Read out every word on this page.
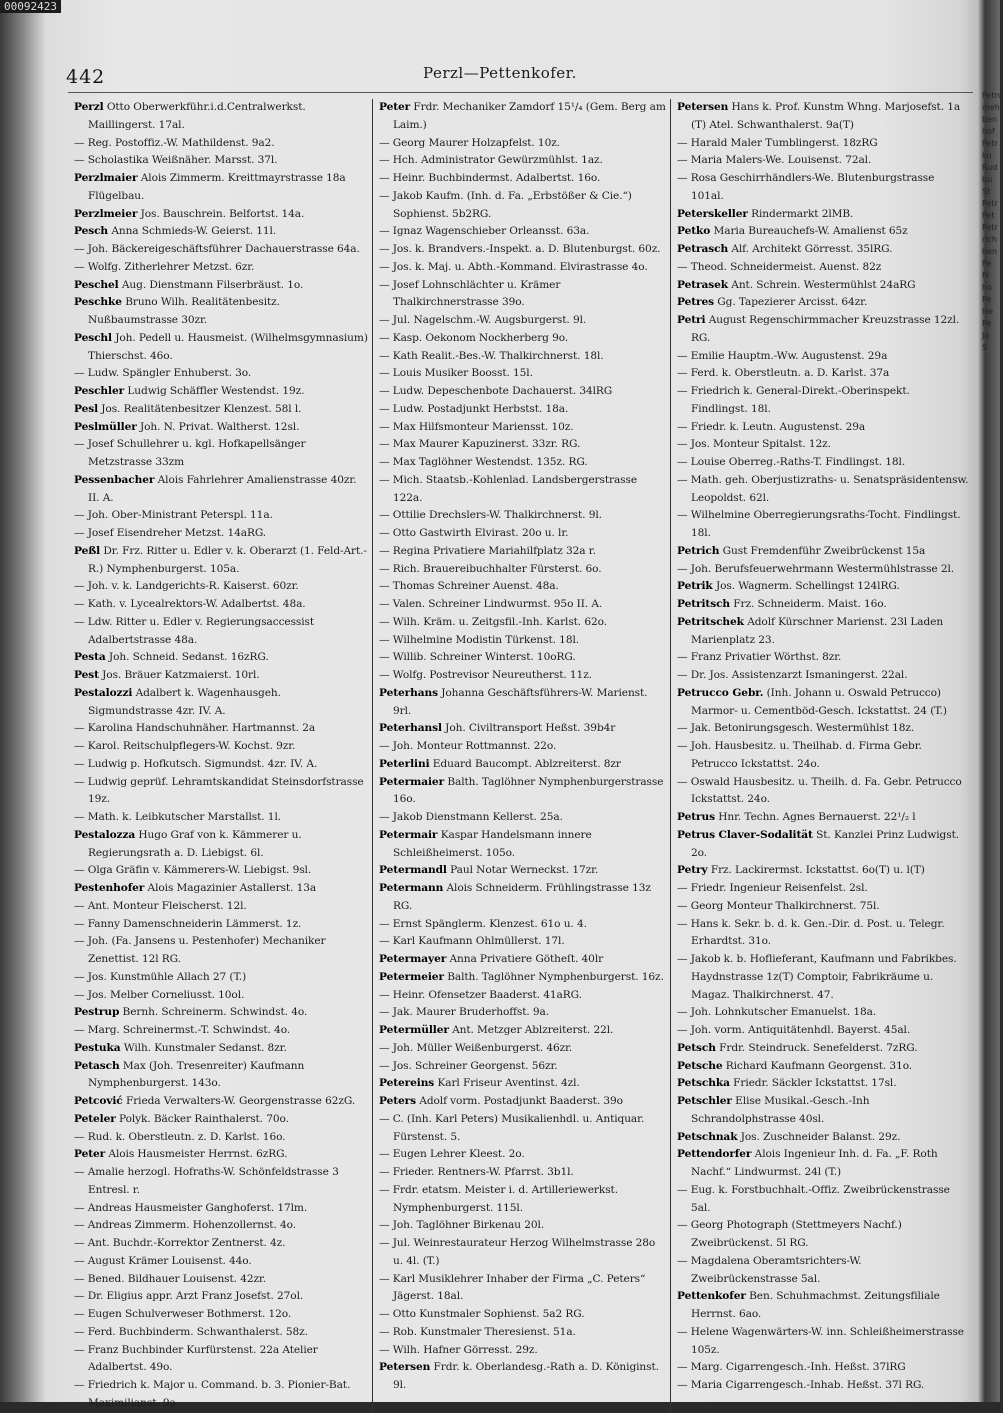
00092423
442	Perzl—Pettenkofer.
Perzl Otto Oberwerkführ.i.d.Centralwerkst. Maillingerst. 17al.
— Reg. Postoffiz.-W. Mathildenst. 9a2.
— Scholastika Weißnäher. Marsst. 37l.
Perzlmaier Alois Zimmerm. Kreittmayrstrasse 18a Flügelbau.
Perzlmeier Jos. Bauschrein. Belfortst. 14a.
Pesch Anna Schmieds-W. Geierst. 11l.
— Joh. Bäckereigeschäftsführer Dachauerstrasse 64a.
— Wolfg. Zitherlehrer Metzst. 6zr.
Peschel Aug. Dienstmann Filserbräust. 1o.
Peschke Bruno Wilh. Realitätenbesitz. Nußbaumstrasse 30zr.
Peschl Joh. Pedell u. Hausmeist. (Wilhelmsgymnasium) Thierschst. 46o.
— Ludw. Spängler Enhuberst. 3o.
Peschler Ludwig Schäffler Westendst. 19z.
Pesl Jos. Realitätenbesitzer Klenzest. 58l l.
Peslmüller Joh. N. Privat. Waltherst. 12sl.
— Josef Schullehrer u. kgl. Hofkapellsänger Metzstrasse 33zm
Pessenbacher Alois Fahrlehrer Amalienstrasse 40zr. II. A.
— Joh. Ober-Ministrant Peterspl. 11a.
— Josef Eisendreher Metzst. 14aRG.
Peßl Dr. Frz. Ritter u. Edler v. k. Oberarzt (1. Feld-Art.-R.) Nymphenburgerst. 105a.
— Joh. v. k. Landgerichts-R. Kaiserst. 60zr.
— Kath. v. Lycealrektors-W. Adalbertst. 48a.
— Ldw. Ritter u. Edler v. Regierungsaccessist Adalbertstrasse 48a.
Pesta Joh. Schneid. Sedanst. 16zRG.
Pest Jos. Bräuer Katzmaierst. 10rl.
Pestalozzi Adalbert k. Wagenhausgeh. Sigmundstrasse 4zr. IV. A.
— Karolina Handschuhnäher. Hartmannst. 2a
— Karol. Reitschulpflegers-W. Kochst. 9zr.
— Ludwig p. Hofkutsch. Sigmundst. 4zr. IV. A.
— Ludwig geprüf. Lehramtskandidat Steinsdorfstrasse 19z.
— Math. k. Leibkutscher Marstallst. 1l.
Pestalozza Hugo Graf von k. Kämmerer u. Regierungsrath a. D. Liebigst. 6l.
— Olga Gräfin v. Kämmerers-W. Liebigst. 9sl.
Pestenhofer Alois Magazinier Astallerst. 13a
— Ant. Monteur Fleischerst. 12l.
— Fanny Damenschneiderin Lämmerst. 1z.
— Joh. (Fa. Jansens u. Pestenhofer) Mechaniker Zenettist. 12l RG.
— Jos. Kunstmühle Allach 27 (T.)
— Jos. Melber Corneliusst. 10ol.
Pestrup Bernh. Schreinerm. Schwindst. 4o.
— Marg. Schreinermst.-T. Schwindst. 4o.
Pestuka Wilh. Kunstmaler Sedanst. 8zr.
Petasch Max (Joh. Tresenreiter) Kaufmann Nymphenburgerst. 143o.
Petcović Frieda Verwalters-W. Georgenstrasse 62zG.
Peteler Polyk. Bäcker Rainthalerst. 70o.
— Rud. k. Oberstleutn. z. D. Karlst. 16o.
Peter Alois Hausmeister Herrnst. 6zRG.
— Amalie herzogl. Hofraths-W. Schönfeldstrasse 3 Entresl. r.
— Andreas Hausmeister Ganghoferst. 17lm.
— Andreas Zimmerm. Hohenzollernst. 4o.
— Ant. Buchdr.-Korrektor Zentnerst. 4z.
— August Krämer Louisenst. 44o.
— Bened. Bildhauer Louisenst. 42zr.
— Dr. Eligius appr. Arzt Franz Josefst. 27ol.
— Eugen Schulverweser Bothmerst. 12o.
— Ferd. Buchbinderm. Schwanthalerst. 58z.
— Franz Buchbinder Kurfürstenst. 22a Atelier Adalbertst. 49o.
— Friedrich k. Major u. Command. b. 3. Pionier-Bat. Maximilianst. 9a.
Peter Frdr. Mechaniker Zamdorf 15¹/₄ (Gem. Berg am Laim.)
— Georg Maurer Holzapfelst. 10z.
— Hch. Administrator Gewürzmühlst. 1az.
— Heinr. Buchbindermst. Adalbertst. 16o.
— Jakob Kaufm. (Inh. d. Fa. „Erbstößer & Cie.“) Sophienst. 5b2RG.
— Ignaz Wagenschieber Orleansst. 63a.
— Jos. k. Brandvers.-Inspekt. a. D. Blutenburgst. 60z.
— Jos. k. Maj. u. Abth.-Kommand. Elvirastrasse 4o.
— Josef Lohnschlächter u. Krämer Thalkirchnerstrasse 39o.
— Jul. Nagelschm.-W. Augsburgerst. 9l.
— Kasp. Oekonom Nockherberg 9o.
— Kath Realit.-Bes.-W. Thalkirchnerst. 18l.
— Louis Musiker Boosst. 15l.
— Ludw. Depeschenbote Dachauerst. 34lRG
— Ludw. Postadjunkt Herbstst. 18a.
— Max Hilfsmonteur Mariensst. 10z.
— Max Maurer Kapuzinerst. 33zr. RG.
— Max Taglöhner Westendst. 135z. RG.
— Mich. Staatsb.-Kohlenlad. Landsbergerstrasse 122a.
— Ottilie Drechslers-W. Thalkirchnerst. 9l.
— Otto Gastwirth Elvirast. 20o u. lr.
— Regina Privatiere Mariahilfplatz 32a r.
— Rich. Brauereibuchhalter Fürsterst. 6o.
— Thomas Schreiner Auenst. 48a.
— Valen. Schreiner Lindwurmst. 95o II. A.
— Wilh. Kräm. u. Zeitgsfil.-Inh. Karlst. 62o.
— Wilhelmine Modistin Türkenst. 18l.
— Willib. Schreiner Winterst. 10oRG.
— Wolfg. Postrevisor Neureutherst. 11z.
Peterhans Johanna Geschäftsführers-W. Marienst. 9rl.
Peterhansl Joh. Civiltransport Heßst. 39b4r
— Joh. Monteur Rottmannst. 22o.
Peterlini Eduard Baucompt. Ablzreiterst. 8zr
Petermaier Balth. Taglöhner Nymphenburgerstrasse 16o.
— Jakob Dienstmann Kellerst. 25a.
Petermair Kaspar Handelsmann innere Schleißheimerst. 105o.
Petermandl Paul Notar Werneckst. 17zr.
Petermann Alois Schneiderm. Frühlingstrasse 13z RG.
— Ernst Spänglerm. Klenzest. 61o u. 4.
— Karl Kaufmann Ohlmüllerst. 17l.
Petermayer Anna Privatiere Götheſt. 40lr
Petermeier Balth. Taglöhner Nymphenburgerst. 16z.
— Heinr. Ofensetzer Baaderst. 41aRG.
— Jak. Maurer Bruderhoffst. 9a.
Petermüller Ant. Metzger Ablzreiterst. 22l.
— Joh. Müller Weißenburgerst. 46zr.
— Jos. Schreiner Georgenst. 56zr.
Petereins Karl Friseur Aventinst. 4zl.
Peters Adolf vorm. Postadjunkt Baaderst. 39o
— C. (Inh. Karl Peters) Musikalienhdl. u. Antiquar. Fürstenst. 5.
— Eugen Lehrer Kleest. 2o.
— Frieder. Rentners-W. Pfarrst. 3b1l.
— Frdr. etatsm. Meister i. d. Artilleriewerkst. Nymphenburgerst. 115l.
— Joh. Taglöhner Birkenau 20l.
— Jul. Weinrestaurateur Herzog Wilhelmstrasse 28o u. 4l. (T.)
— Karl Musiklehrer Inhaber der Firma „C. Peters“ Jägerst. 18al.
— Otto Kunstmaler Sophienst. 5a2 RG.
— Rob. Kunstmaler Theresienst. 51a.
— Wilh. Hafner Görresst. 29z.
Petersen Frdr. k. Oberlandesg.-Rath a. D. Königinst. 9l.
Petersen Hans k. Prof. Kunstm Whng. Marjosefst. 1a (T) Atel. Schwanthalerst. 9a(T)
— Harald Maler Tumblingerst. 18zRG
— Maria Malers-We. Louisenst. 72al.
— Rosa Geschirrhändlers-We. Blutenburgstrasse 101al.
Peterskeller Rindermarkt 2lMB.
Petko Maria Bureauchefs-W. Amalienst 65z
Petrasch Alf. Architekt Görresst. 35lRG.
— Theod. Schneidermeist. Auenst. 82z
Petrasek Ant. Schrein. Westermühlst 24aRG
Petres Gg. Tapezierer Arcisst. 64zr.
Petri August Regenschirmmacher Kreuzstrasse 12zl. RG.
— Emilie Hauptm.-Ww. Augustenst. 29a
— Ferd. k. Oberstleutn. a. D. Karlst. 37a
— Friedrich k. General-Direkt.-Oberinspekt. Findlingst. 18l.
— Friedr. k. Leutn. Augustenst. 29a
— Jos. Monteur Spitalst. 12z.
— Louise Oberreg.-Raths-T. Findlingst. 18l.
— Math. geh. Oberjustizraths- u. Senatspräsidentensw. Leopoldst. 62l.
— Wilhelmine Oberregierungsraths-Tocht. Findlingst. 18l.
Petrich Gust Fremdenführ Zweibrückenst 15a
— Joh. Berufsfeuerwehrmann Westermühlstrasse 2l.
Petrik Jos. Wagnerm. Schellingst 124lRG.
Petritsch Frz. Schneiderm. Maist. 16o.
Petritschek Adolf Kürschner Marienst. 23l Laden Marienplatz 23.
— Franz Privatier Wörthst. 8zr.
— Dr. Jos. Assistenzarzt Ismaningerst. 22al.
Petrucco Gebr. (Inh. Johann u. Oswald Petrucco) Marmor- u. Cementböd-Gesch. Ickstattst. 24 (T.)
— Jak. Betonirungsgesch. Westermühlst 18z.
— Joh. Hausbesitz. u. Theilhab. d. Firma Gebr. Petrucco Ickstattst. 24o.
— Oswald Hausbesitz. u. Theilh. d. Fa. Gebr. Petrucco Ickstattst. 24o.
Petrus Hnr. Techn. Agnes Bernauerst. 22¹/₂ l
Petrus Claver-Sodalität St. Kanzlei Prinz Ludwigst. 2o.
Petry Frz. Lackirermst. Ickstattst. 6o(T) u. l(T)
— Friedr. Ingenieur Reisenfelst. 2sl.
— Georg Monteur Thalkirchnerst. 75l.
— Hans k. Sekr. b. d. k. Gen.-Dir. d. Post. u. Telegr. Erhardtst. 31o.
— Jakob k. b. Hoflieferant, Kaufmann und Fabrikbes. Haydnstrasse 1z(T) Comptoir, Fabrikräume u. Magaz. Thalkirchnerst. 47.
— Joh. Lohnkutscher Emanuelst. 18a.
— Joh. vorm. Antiquitätenhdl. Bayerst. 45al.
Petsch Frdr. Steindruck. Senefelderst. 7zRG.
Petsche Richard Kaufmann Georgenst. 31o.
Petschka Friedr. Säckler Ickstattst. 17sl.
Petschler Elise Musikal.-Gesch.-Inh Schrandolphstrasse 40sl.
Petschnak Jos. Zuschneider Balanst. 29z.
Pettendorfer Alois Ingenieur Inh. d. Fa. „F. Roth Nachf.“ Lindwurmst. 24l (T.)
— Eug. k. Forstbuchhalt.-Offiz. Zweibrückenstrasse 5al.
— Georg Photograph (Stettmeyers Nachf.) Zweibrückenst. 5l RG.
— Magdalena Oberamtsrichters-W. Zweibrückenstrasse 5al.
Pettenkofer Ben. Schuhmachmst. Zeitungsfiliale Herrnst. 6ao.
— Helene Wagenwärters-W. inn. Schleißheimerstrasse 105z.
— Marg. Cigarrengesch.-Inh. Heßst. 37lRG
— Maria Cigarrengesch.-Inhab. Heßst. 37l RG.
Petro
meh
ben
hof
Petr
ku
Rud
bu
St
Petr
Pet
Petr
rich
ben
Pe
Fr
ho
Pe
He
Pe
Jo
S
